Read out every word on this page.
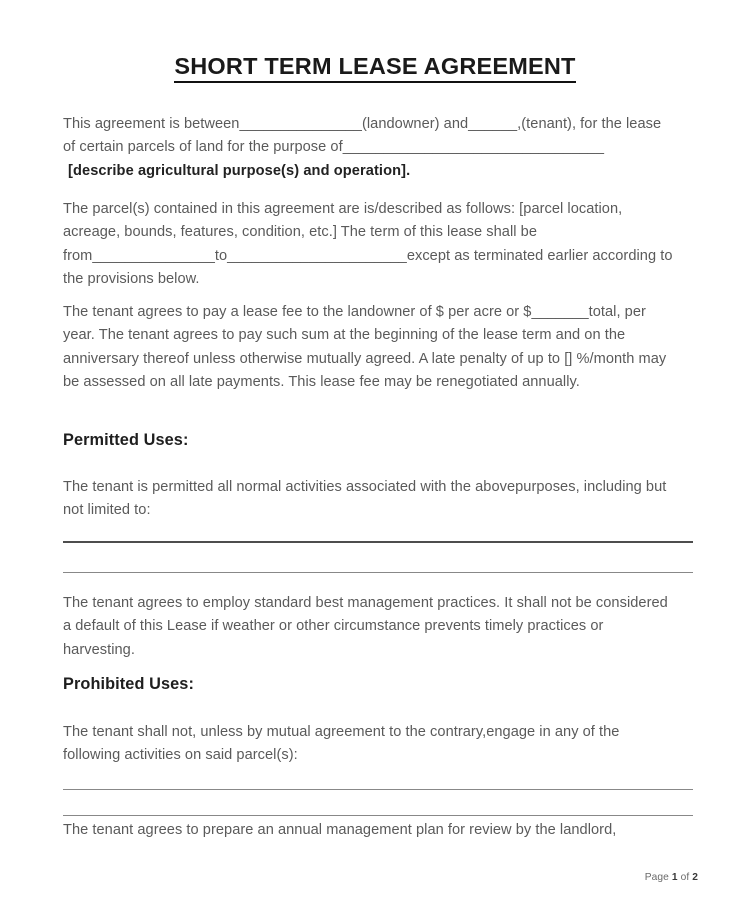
SHORT TERM LEASE AGREEMENT
This agreement is between_______________(landowner) and______,(tenant), for the lease of certain parcels of land for the purpose of________________________________
[describe agricultural purpose(s) and operation].
The parcel(s) contained in this agreement are is/described as follows: [parcel location, acreage, bounds, features, condition, etc.] The term of this lease shall be from_______________to______________________except as terminated earlier according to the provisions below.
The tenant agrees to pay a lease fee to the landowner of $ per acre or $_______total, per year. The tenant agrees to pay such sum at the beginning of the lease term and on the anniversary thereof unless otherwise mutually agreed. A late penalty of up to [] %/month may be assessed on all late payments. This lease fee may be renegotiated annually.
Permitted Uses:
The tenant is permitted all normal activities associated with the abovepurposes, including but not limited to:
The tenant agrees to employ standard best management practices. It shall not be considered a default of this Lease if weather or other circumstance prevents timely practices or harvesting.
Prohibited Uses:
The tenant shall not, unless by mutual agreement to the contrary,engage in any of the following activities on said parcel(s):
The tenant agrees to prepare an annual management plan for review by the landlord,
Page 1 of 2
